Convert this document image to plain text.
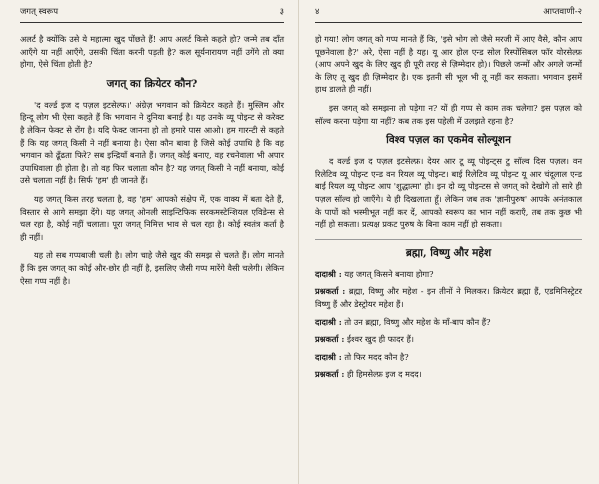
जगत् स्वरूप	३

अलर्ट है क्योंकि उसे ये महात्मा खुद पोंछते हैं! आप अलर्ट किसे कहते हो? जन्मे तब दाँत आएँगे या नहीं आएँगे, उसकी चिंता करनी पड़ती है? कल सूर्यनारायण नहीं उगेंगे तो क्या होगा, ऐसे चिंता होती है?

जगत् का क्रियेटर कौन?

'द वर्ल्ड इज द पज़ल इटसेल्फ।' अंग्रेज़ भगवान को क्रियेटर कहते हैं। मुस्लिम और हिन्दू लोग भी ऐसा कहते हैं कि भगवान ने दुनिया बनाई है। यह उनके व्यू पोइन्ट से करेक्ट है लेकिन फेक्ट से रोंग है। यदि फेक्ट जानना हो तो हमारे पास आओ। हम गारन्टी से कहते हैं कि यह जगत् किसी ने नहीं बनाया है। ऐसा कौन बावा है जिसे कोई उपाधि है कि वह भगवान को ढूँढता फिरे? सब इन्द्रियाँ बनाते हैं। जगत् कोई बनाए, वह रचनेवाला भी अपार उपाधिवाला ही होता है। तो वह फिर चलाता कौन है? यह जगत् किसी ने नहीं बनाया, कोई उसे चलाता नहीं है। सिर्फ 'हम' ही जानते हैं।

यह जगत् किस तरह चलता है, वह 'हम' आपको संक्षेप में, एक वाक्य में बता देते हैं, विस्तार से आगे समझा देंगे। यह जगत् ओनली साइन्टिफिक सरकमस्टेन्शियल एविडेन्स से चल रहा है, कोई नहीं चलाता। पूरा जगत् निमित्त भाव से चल रहा है। कोई स्वतंत्र कर्ता है ही नहीं।

यह तो सब गप्पबाजी चली है। लोग चाहे जैसे खुद की समझ से चलते हैं। लोग मानते हैं कि इस जगत् का कोई और-छोर ही नहीं है, इसलिए जैसी गप्प मारेंगे वैसी चलेगी। लेकिन ऐसा गप्प नहीं है।

४	आप्तवाणी-२

हो गया! लोग जगत् को गप्प मानते हैं कि, 'इसे भोग लो जैसे मरजी में आए वैसे, कौन आप पूछनेवाला है?' अरे, ऐसा नहीं है यह। यू आर होल एन्ड सोल रिस्पोंसिबल फॉर योरसेल्फ़ (आप अपने खुद के लिए खुद ही पूरी तरह से ज़िम्मेदार हो)। पिछले जन्मों और अगले जन्मों के लिए तू खुद ही ज़िम्मेदार है। एक इतनी सी भूल भी तू नहीं कर सकता। भगवान इसमें हाथ डालते ही नहीं।

इस जगत् को समझना तो पड़ेगा न? यों ही गप्प से काम तक चलेगा? इस पज़ल को सॉल्व करना पड़ेगा या नहीं? कब तक इस पहेली में उलझते रहना है?

विश्व पज़ल का एकमेव सोल्यूशन

द वर्ल्ड इज द पज़ल इटसेल्फ़। देयर आर टू व्यू पोइन्ट्स टु सॉल्व दिस पज़ल। वन रिलेटिव व्यू पोइन्ट एन्ड वन रियल व्यू पोइन्ट। बाई रिलेटिव व्यू पोइन्ट यू आर चंदूलाल एन्ड बाई रियल व्यू पोइन्ट आप 'शुद्धात्मा' हो। इन दो व्यू पोइन्टस से जगत् को देखोगे तो सारे ही पज़ल सॉल्व हो जाएँगे। ये ही दिखलाता हूँ। लेकिन जब तक 'ज्ञानीपुरुष' आपके अनंतकाल के पापों को भस्मीभूत नहीं कर दें, आपको स्वरूप का भान नहीं कराएँ, तब तक कुछ भी नहीं हो सकता। प्रत्यक्ष प्रकट पुरुष के बिना काम नहीं हो सकता।

ब्रह्मा, विष्णु और महेश

दादाश्री : यह जगत् किसने बनाया होगा?

प्रश्नकर्ता : ब्रह्मा, विष्णु और महेश - इन तीनों ने मिलकर। क्रियेटर ब्रह्मा हैं, एडमिनिस्ट्रेटर विष्णु हैं और डेस्ट्रोयर महेश हैं।

दादाश्री : तो उन ब्रह्मा, विष्णु और महेश के माँ-बाप कौन हैं?

प्रश्नकर्ता : ईश्वर खुद ही फादर हैं।

दादाश्री : तो फिर मदद कौन है?

प्रश्नकर्ता : ही हिमसेल्फ़ इज द मदद।
